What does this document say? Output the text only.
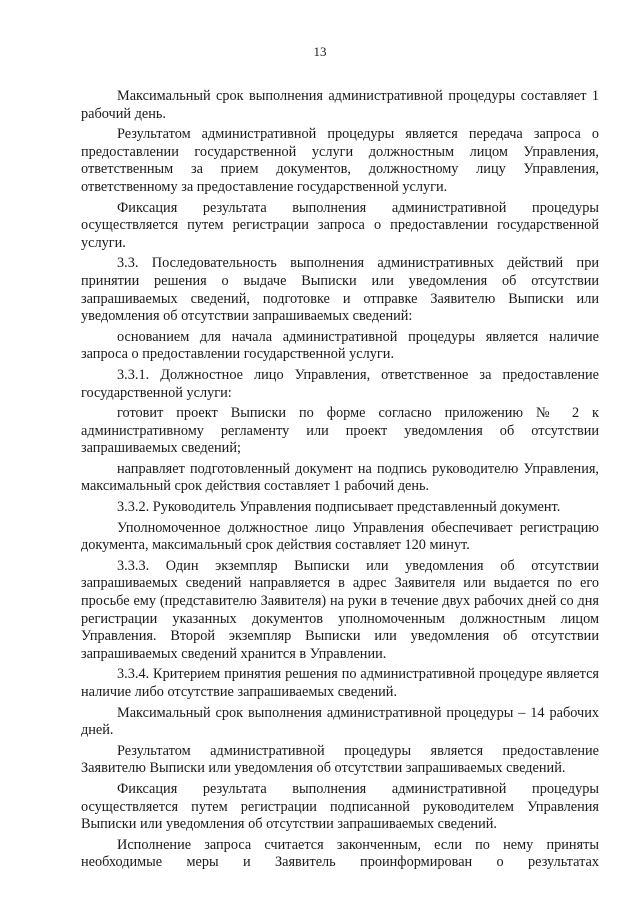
13

Максимальный срок выполнения административной процедуры составляет 1 рабочий день.

Результатом административной процедуры является передача запроса о предоставлении государственной услуги должностным лицом Управления, ответственным за прием документов, должностному лицу Управления, ответственному за предоставление государственной услуги.

Фиксация результата выполнения административной процедуры осуществляется путем регистрации запроса о предоставлении государственной услуги.

3.3. Последовательность выполнения административных действий при принятии решения о выдаче Выписки или уведомления об отсутствии запрашиваемых сведений, подготовке и отправке Заявителю Выписки или уведомления об отсутствии запрашиваемых сведений:

основанием для начала административной процедуры является наличие запроса о предоставлении государственной услуги.

3.3.1. Должностное лицо Управления, ответственное за предоставление государственной услуги:

готовит проект Выписки по форме согласно приложению № 2 к административному регламенту или проект уведомления об отсутствии запрашиваемых сведений;

направляет подготовленный документ на подпись руководителю Управления, максимальный срок действия составляет 1 рабочий день.

3.3.2. Руководитель Управления подписывает представленный документ.

Уполномоченное должностное лицо Управления обеспечивает регистрацию документа, максимальный срок действия составляет 120 минут.

3.3.3. Один экземпляр Выписки или уведомления об отсутствии запрашиваемых сведений направляется в адрес Заявителя или выдается по его просьбе ему (представителю Заявителя) на руки в течение двух рабочих дней со дня регистрации указанных документов уполномоченным должностным лицом Управления. Второй экземпляр Выписки или уведомления об отсутствии запрашиваемых сведений хранится в Управлении.

3.3.4. Критерием принятия решения по административной процедуре является наличие либо отсутствие запрашиваемых сведений.

Максимальный срок выполнения административной процедуры – 14 рабочих дней.

Результатом административной процедуры является предоставление Заявителю Выписки или уведомления об отсутствии запрашиваемых сведений.

Фиксация результата выполнения административной процедуры осуществляется путем регистрации подписанной руководителем Управления Выписки или уведомления об отсутствии запрашиваемых сведений.

Исполнение запроса считается законченным, если по нему приняты необходимые меры и Заявитель проинформирован о результатах
